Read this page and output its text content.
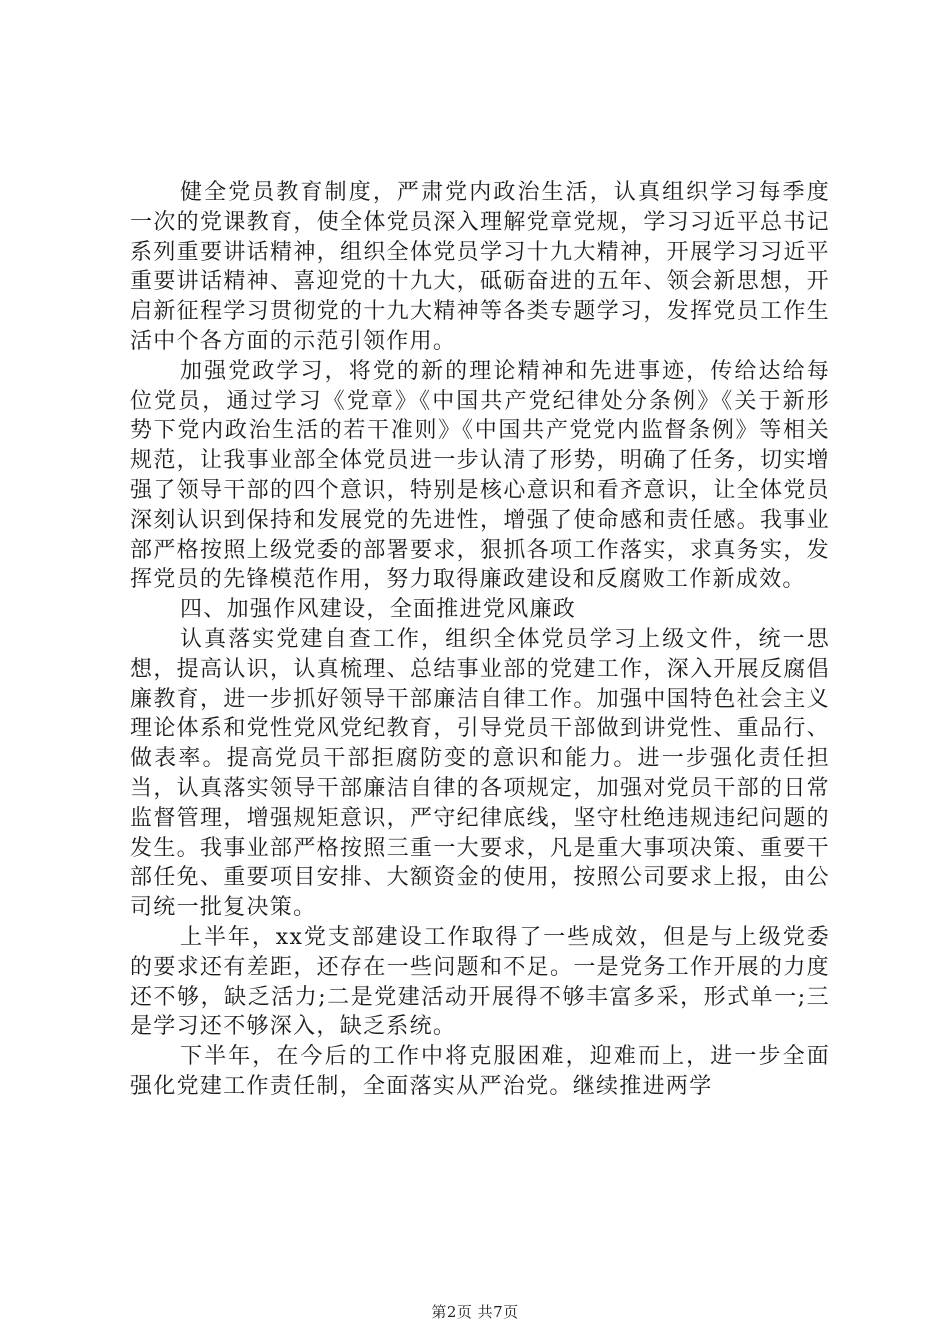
健全党员教育制度，严肃党内政治生活，认真组织学习每季度一次的党课教育，使全体党员深入理解党章党规，学习习近平总书记系列重要讲话精神，组织全体党员学习十九大精神，开展学习习近平重要讲话精神、喜迎党的十九大，砥砺奋进的五年、领会新思想，开启新征程学习贯彻党的十九大精神等各类专题学习，发挥党员工作生活中个各方面的示范引领作用。

加强党政学习，将党的新的理论精神和先进事迹，传给达给每位党员，通过学习《党章》《中国共产党纪律处分条例》《关于新形势下党内政治生活的若干准则》《中国共产党党内监督条例》等相关规范，让我事业部全体党员进一步认清了形势，明确了任务，切实增强了领导干部的四个意识，特别是核心意识和看齐意识，让全体党员深刻认识到保持和发展党的先进性，增强了使命感和责任感。我事业部严格按照上级党委的部署要求，狠抓各项工作落实，求真务实，发挥党员的先锋模范作用，努力取得廉政建设和反腐败工作新成效。

四、加强作风建设，全面推进党风廉政

认真落实党建自查工作，组织全体党员学习上级文件，统一思想，提高认识，认真梳理、总结事业部的党建工作，深入开展反腐倡廉教育，进一步抓好领导干部廉洁自律工作。加强中国特色社会主义理论体系和党性党风党纪教育，引导党员干部做到讲党性、重品行、做表率。提高党员干部拒腐防变的意识和能力。进一步强化责任担当，认真落实领导干部廉洁自律的各项规定，加强对党员干部的日常监督管理，增强规矩意识，严守纪律底线，坚守杜绝违规违纪问题的发生。我事业部严格按照三重一大要求，凡是重大事项决策、重要干部任免、重要项目安排、大额资金的使用，按照公司要求上报，由公司统一批复决策。

上半年，xx党支部建设工作取得了一些成效，但是与上级党委的要求还有差距，还存在一些问题和不足。一是党务工作开展的力度还不够，缺乏活力;二是党建活动开展得不够丰富多采，形式单一;三是学习还不够深入，缺乏系统。

下半年，在今后的工作中将克服困难，迎难而上，进一步全面强化党建工作责任制，全面落实从严治党。继续推进两学

第2页 共7页
